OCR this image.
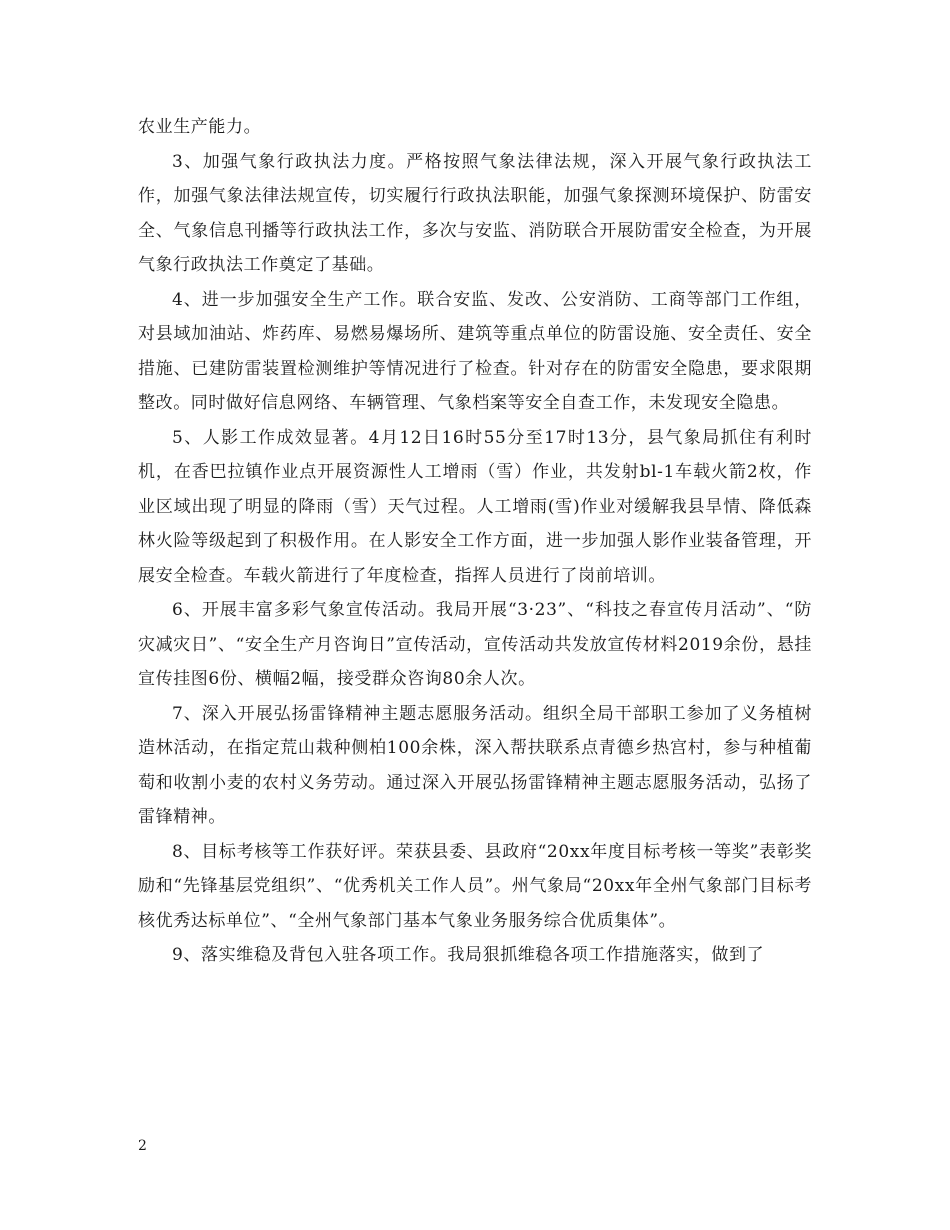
农业生产能力。

3、加强气象行政执法力度。严格按照气象法律法规，深入开展气象行政执法工作，加强气象法律法规宣传，切实履行行政执法职能，加强气象探测环境保护、防雷安全、气象信息刊播等行政执法工作，多次与安监、消防联合开展防雷安全检查，为开展气象行政执法工作奠定了基础。

4、进一步加强安全生产工作。联合安监、发改、公安消防、工商等部门工作组，对县域加油站、炸药库、易燃易爆场所、建筑等重点单位的防雷设施、安全责任、安全措施、已建防雷装置检测维护等情况进行了检查。针对存在的防雷安全隐患，要求限期整改。同时做好信息网络、车辆管理、气象档案等安全自查工作，未发现安全隐患。

5、人影工作成效显著。4月12日16时55分至17时13分，县气象局抓住有利时机，在香巴拉镇作业点开展资源性人工增雨（雪）作业，共发射bl-1车载火箭2枚，作业区域出现了明显的降雨（雪）天气过程。人工增雨(雪)作业对缓解我县旱情、降低森林火险等级起到了积极作用。在人影安全工作方面，进一步加强人影作业装备管理，开展安全检查。车载火箭进行了年度检查，指挥人员进行了岗前培训。

6、开展丰富多彩气象宣传活动。我局开展“3·23”、“科技之春宣传月活动”、“防灾减灾日”、“安全生产月咨询日”宣传活动，宣传活动共发放宣传材料2019余份，悬挂宣传挂图6份、横幅2幅，接受群众咨询80余人次。

7、深入开展弘扬雷锋精神主题志愿服务活动。组织全局干部职工参加了义务植树造林活动，在指定荒山栽种侧柏100余株，深入帮扶联系点青德乡热宫村，参与种植葡萄和收割小麦的农村义务劳动。通过深入开展弘扬雷锋精神主题志愿服务活动，弘扬了雷锋精神。

8、目标考核等工作获好评。荣获县委、县政府“20xx年度目标考核一等奖”表彰奖励和“先锋基层党组织”、“优秀机关工作人员”。州气象局“20xx年全州气象部门目标考核优秀达标单位”、“全州气象部门基本气象业务服务综合优质集体”。

9、落实维稳及背包入驻各项工作。我局狠抓维稳各项工作措施落实，做到了

2
